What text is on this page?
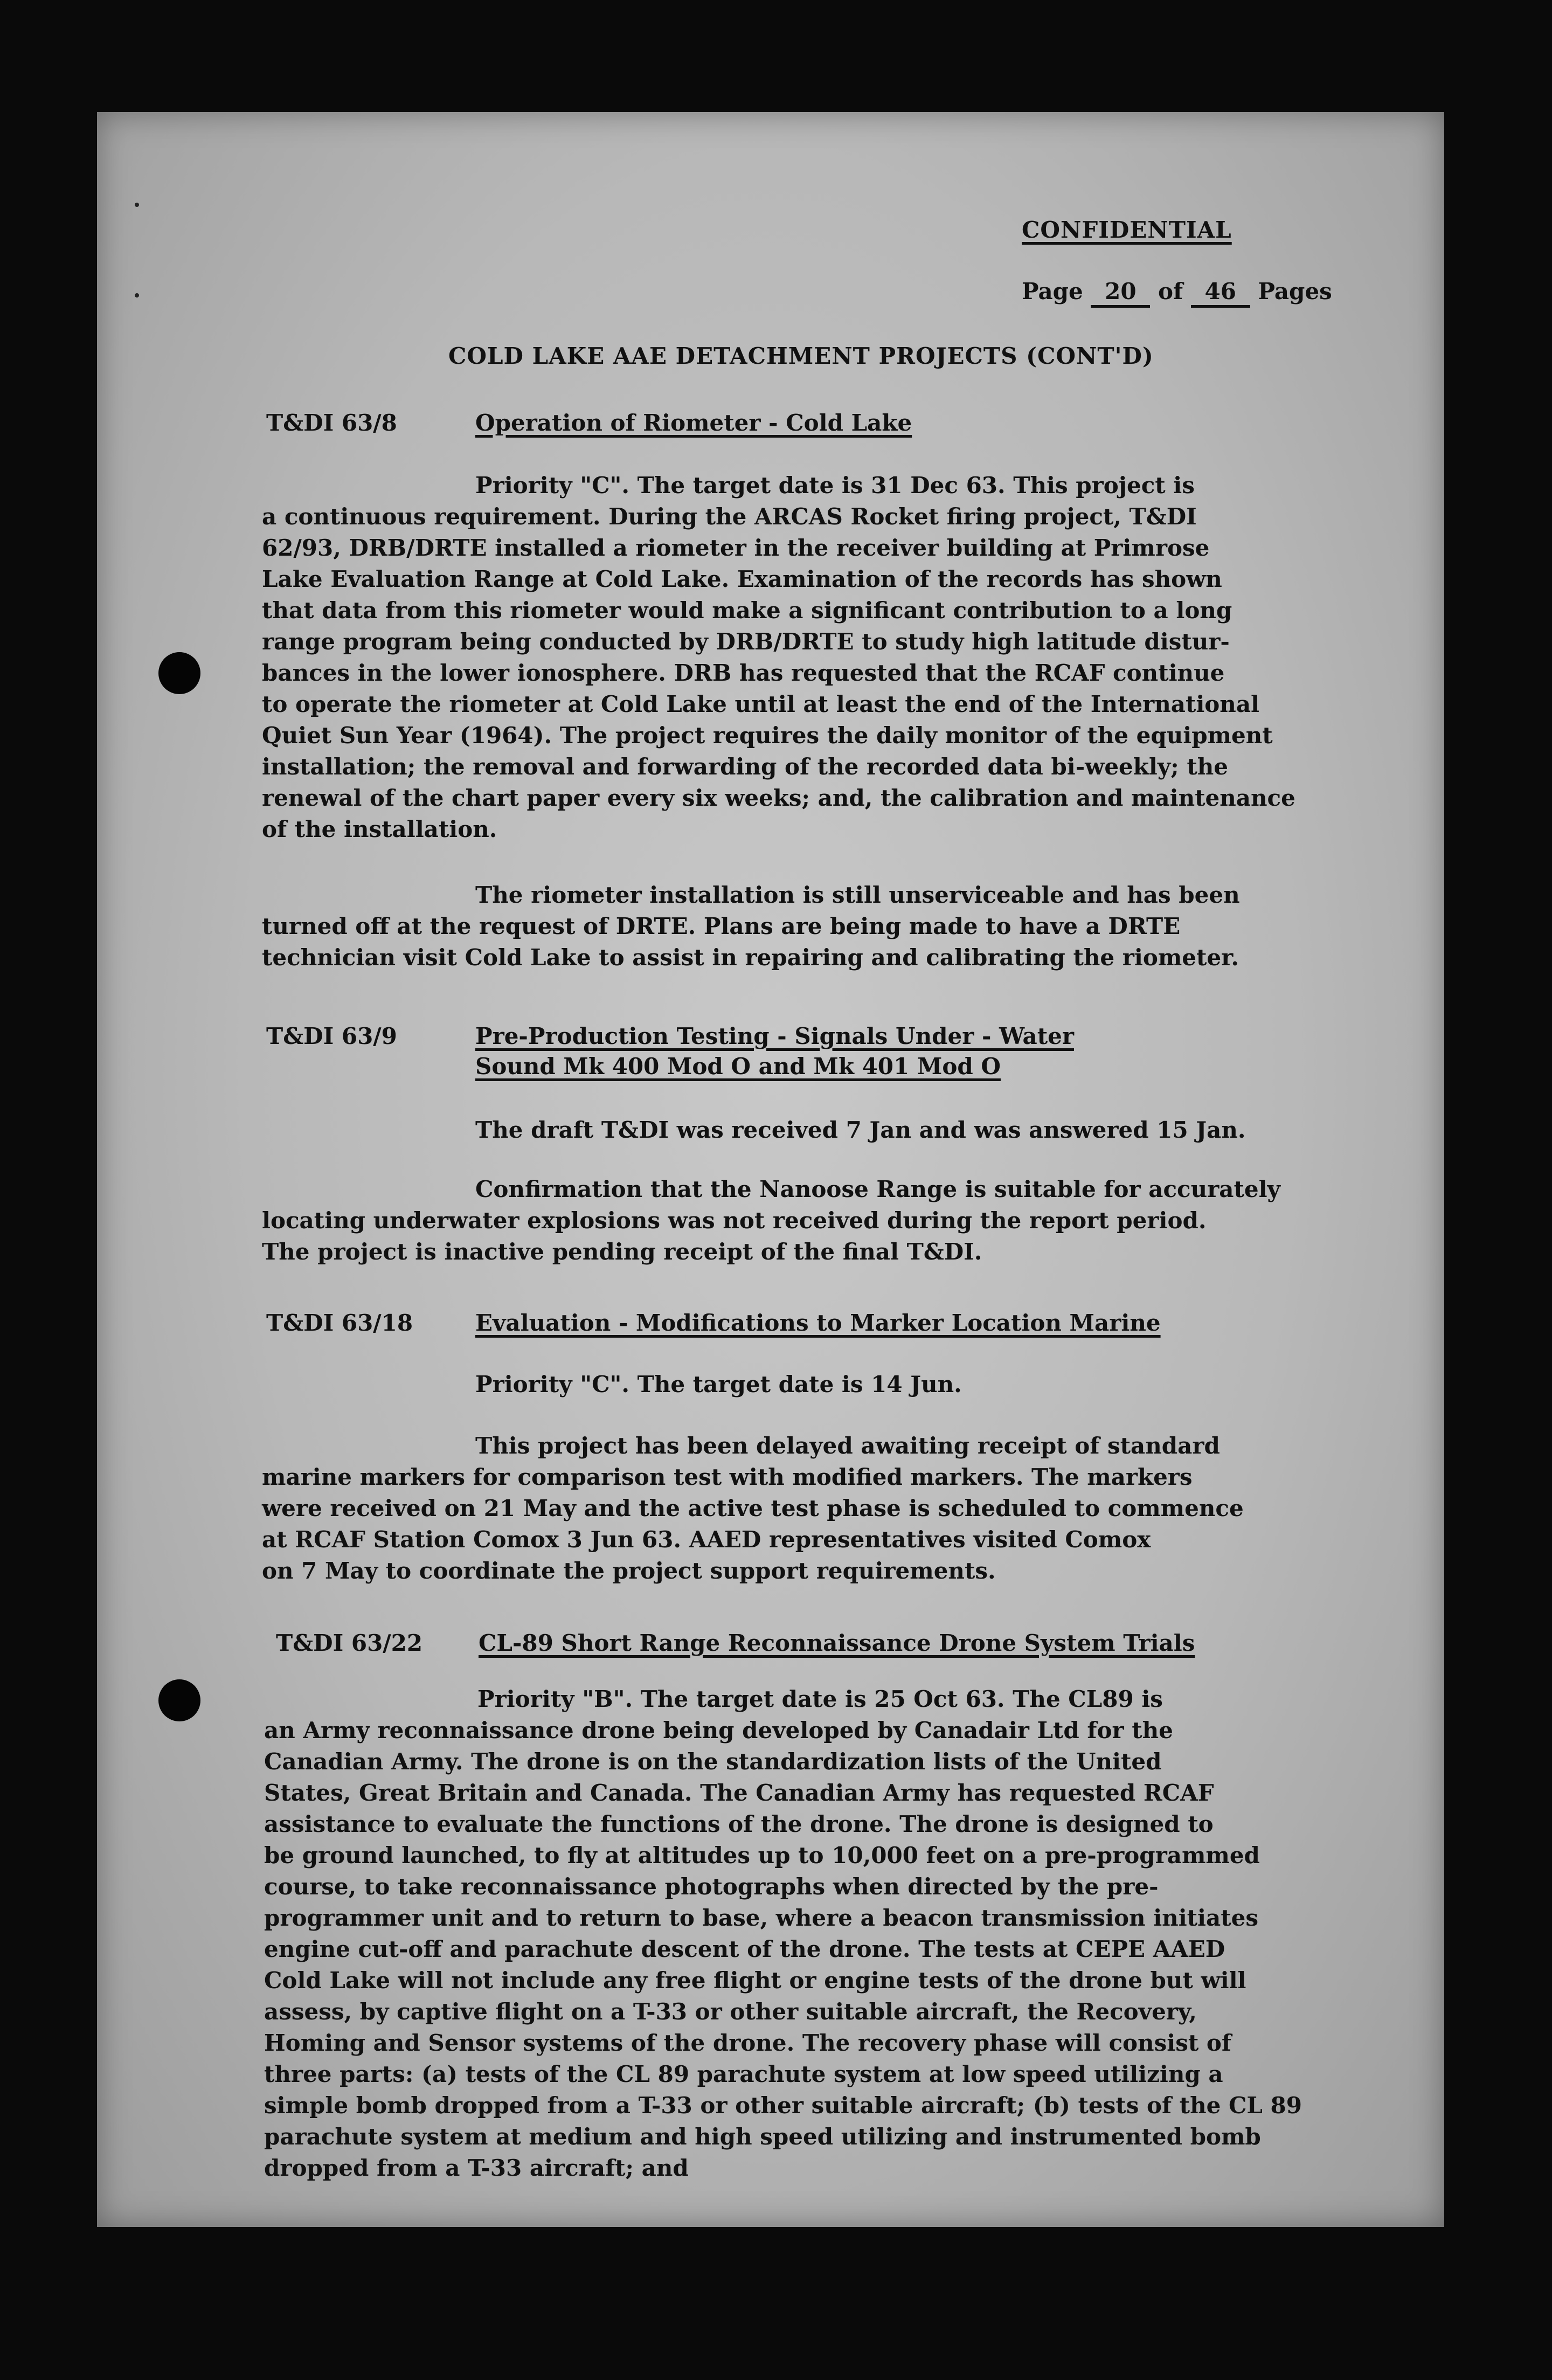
CONFIDENTIAL
Page 20 of 46 Pages
COLD LAKE AAE DETACHMENT PROJECTS (CONT'D)
T&DI 63/8	Operation of Riometer - Cold Lake
Priority "C". The target date is 31 Dec 63. This project is
a continuous requirement. During the ARCAS Rocket firing project, T&DI
62/93, DRB/DRTE installed a riometer in the receiver building at Primrose
Lake Evaluation Range at Cold Lake. Examination of the records has shown
that data from this riometer would make a significant contribution to a long
range program being conducted by DRB/DRTE to study high latitude distur-
bances in the lower ionosphere. DRB has requested that the RCAF continue
to operate the riometer at Cold Lake until at least the end of the International
Quiet Sun Year (1964). The project requires the daily monitor of the equipment
installation; the removal and forwarding of the recorded data bi-weekly; the
renewal of the chart paper every six weeks; and, the calibration and maintenance
of the installation.
The riometer installation is still unserviceable and has been
turned off at the request of DRTE. Plans are being made to have a DRTE
technician visit Cold Lake to assist in repairing and calibrating the riometer.
T&DI 63/9	Pre-Production Testing - Signals Under - Water
Sound Mk 400 Mod O and Mk 401 Mod O
The draft T&DI was received 7 Jan and was answered 15 Jan.
Confirmation that the Nanoose Range is suitable for accurately
locating underwater explosions was not received during the report period.
The project is inactive pending receipt of the final T&DI.
T&DI 63/18	Evaluation - Modifications to Marker Location Marine
Priority "C". The target date is 14 Jun.
This project has been delayed awaiting receipt of standard
marine markers for comparison test with modified markers. The markers
were received on 21 May and the active test phase is scheduled to commence
at RCAF Station Comox 3 Jun 63. AAED representatives visited Comox
on 7 May to coordinate the project support requirements.
T&DI 63/22 CL-89 Short Range Reconnaissance Drone System Trials
Priority "B". The target date is 25 Oct 63. The CL89 is
an Army reconnaissance drone being developed by Canadair Ltd for the
Canadian Army. The drone is on the standardization lists of the United
States, Great Britain and Canada. The Canadian Army has requested RCAF
assistance to evaluate the functions of the drone. The drone is designed to
be ground launched, to fly at altitudes up to 10,000 feet on a pre-programmed
course, to take reconnaissance photographs when directed by the pre-
programmer unit and to return to base, where a beacon transmission initiates
engine cut-off and parachute descent of the drone. The tests at CEPE AAED
Cold Lake will not include any free flight or engine tests of the drone but will
assess, by captive flight on a T-33 or other suitable aircraft, the Recovery,
Homing and Sensor systems of the drone. The recovery phase will consist of
three parts: (a) tests of the CL 89 parachute system at low speed utilizing a
simple bomb dropped from a T-33 or other suitable aircraft; (b) tests of the CL 89
parachute system at medium and high speed utilizing and instrumented bomb
dropped from a T-33 aircraft; and
